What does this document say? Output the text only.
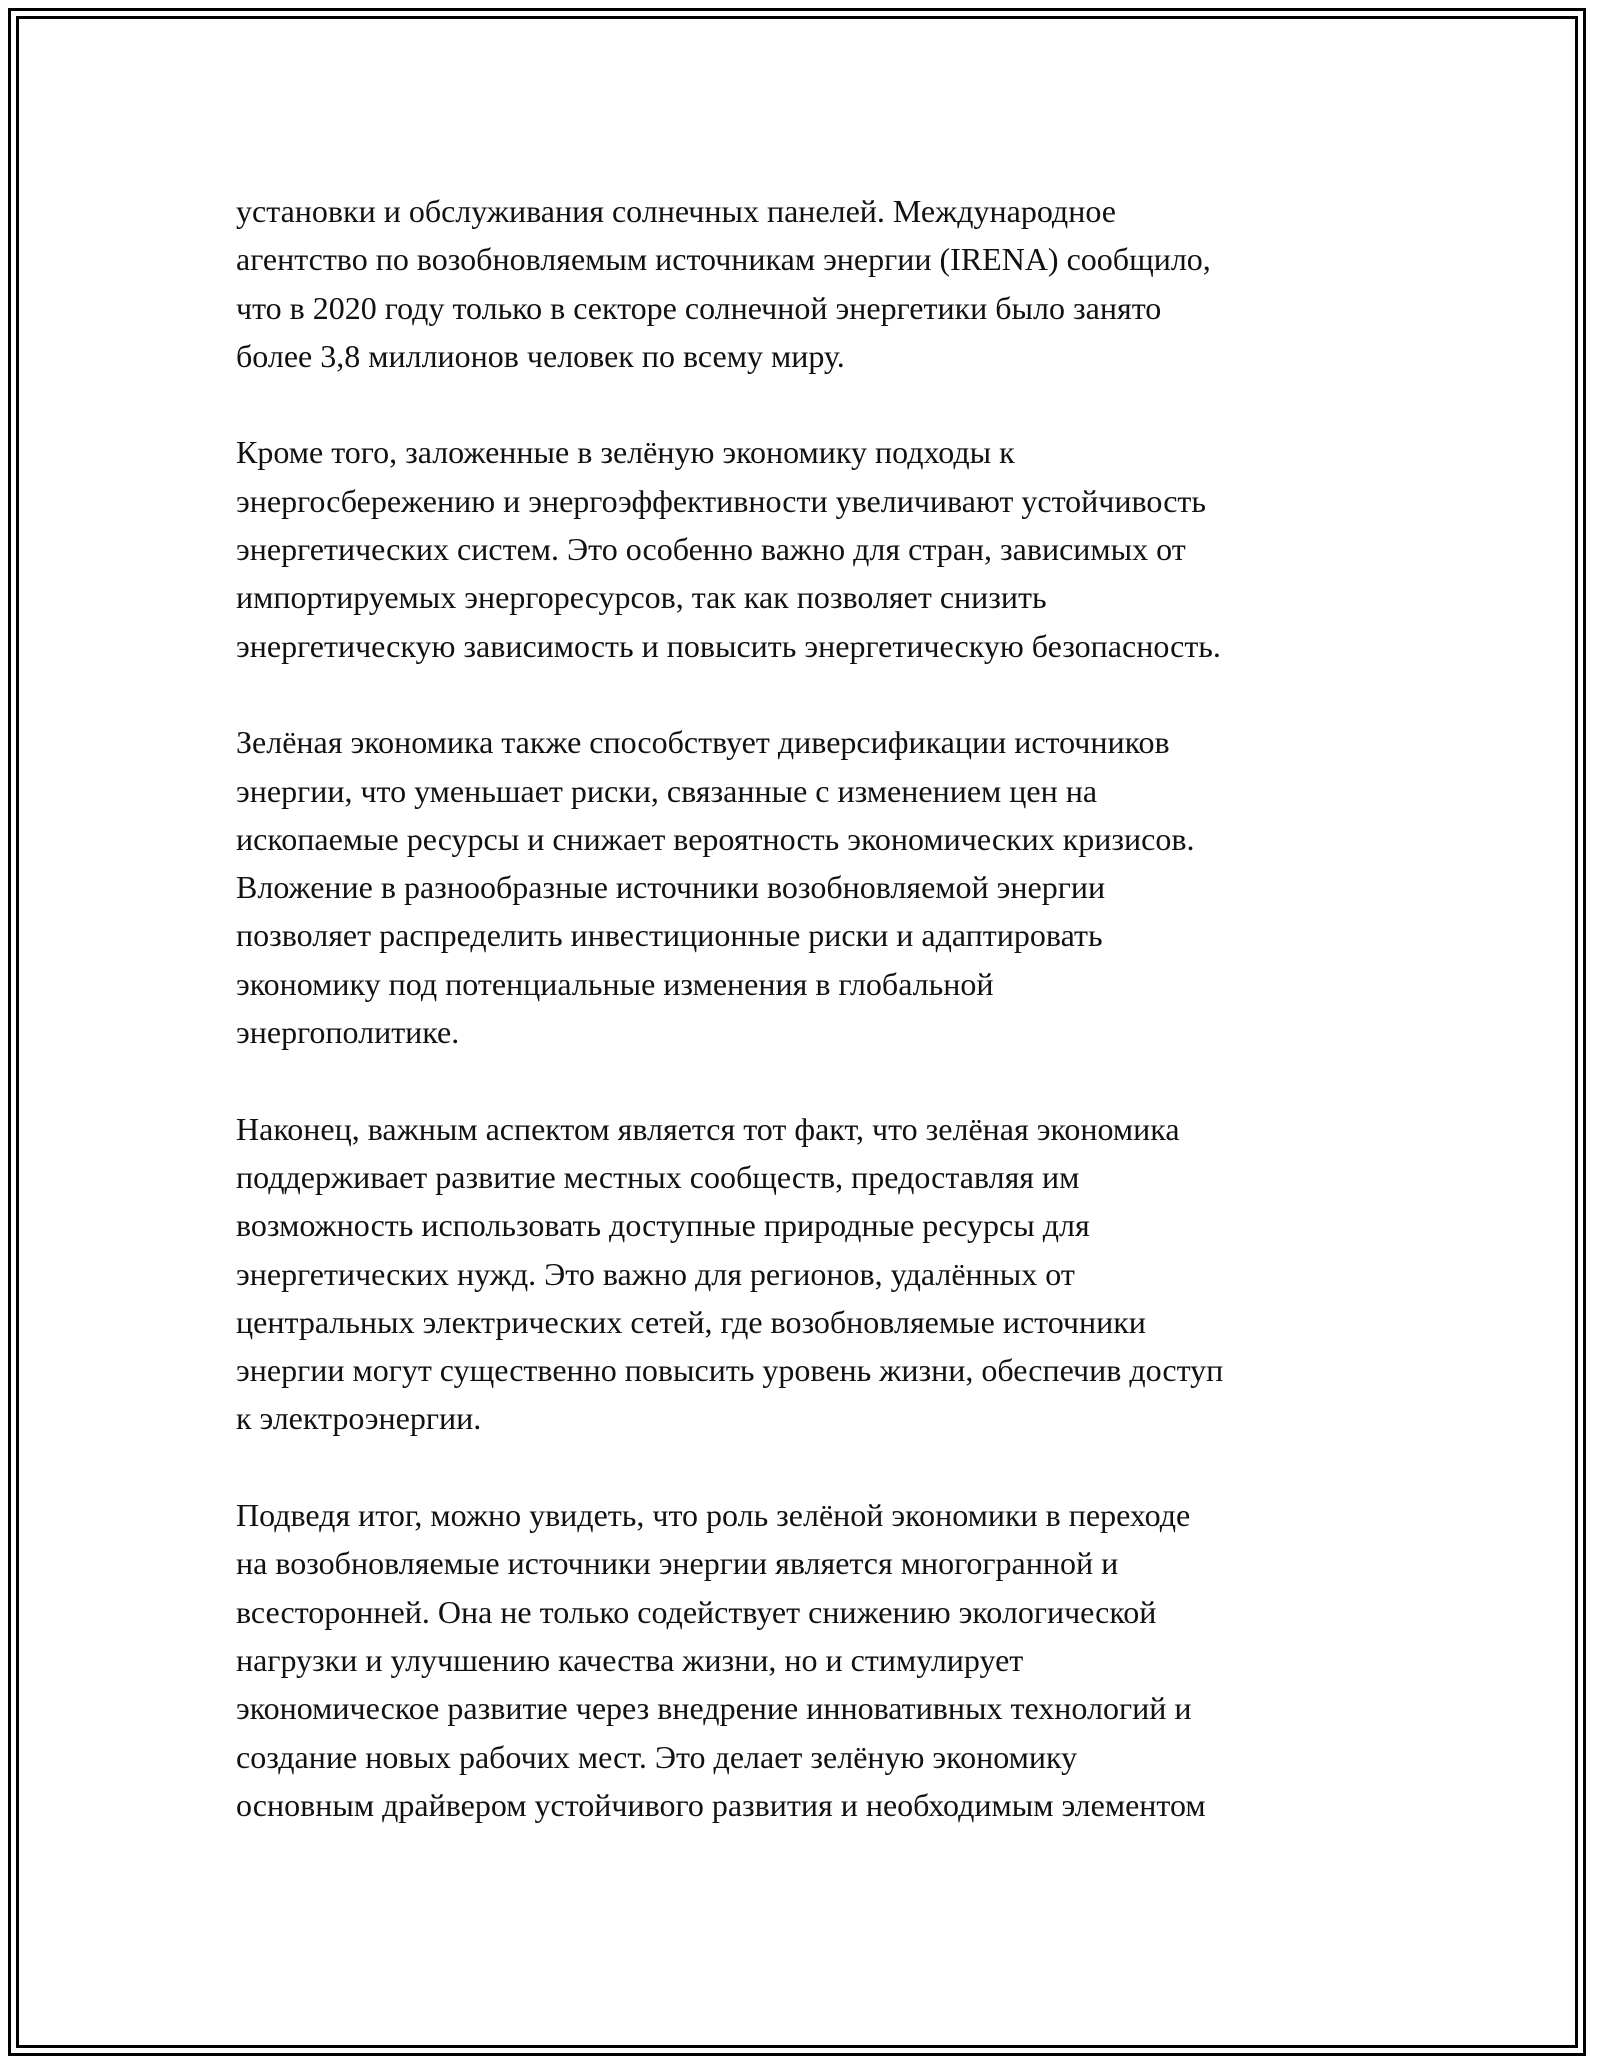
установки и обслуживания солнечных панелей. Международное
агентство по возобновляемым источникам энергии (IRENA) сообщило,
что в 2020 году только в секторе солнечной энергетики было занято
более 3,8 миллионов человек по всему миру.

Кроме того, заложенные в зелёную экономику подходы к
энергосбережению и энергоэффективности увеличивают устойчивость
энергетических систем. Это особенно важно для стран, зависимых от
импортируемых энергоресурсов, так как позволяет снизить
энергетическую зависимость и повысить энергетическую безопасность.

Зелёная экономика также способствует диверсификации источников
энергии, что уменьшает риски, связанные с изменением цен на
ископаемые ресурсы и снижает вероятность экономических кризисов.
Вложение в разнообразные источники возобновляемой энергии
позволяет распределить инвестиционные риски и адаптировать
экономику под потенциальные изменения в глобальной
энергополитике.

Наконец, важным аспектом является тот факт, что зелёная экономика
поддерживает развитие местных сообществ, предоставляя им
возможность использовать доступные природные ресурсы для
энергетических нужд. Это важно для регионов, удалённых от
центральных электрических сетей, где возобновляемые источники
энергии могут существенно повысить уровень жизни, обеспечив доступ
к электроэнергии.

Подведя итог, можно увидеть, что роль зелёной экономики в переходе
на возобновляемые источники энергии является многогранной и
всесторонней. Она не только содействует снижению экологической
нагрузки и улучшению качества жизни, но и стимулирует
экономическое развитие через внедрение инновативных технологий и
создание новых рабочих мест. Это делает зелёную экономику
основным драйвером устойчивого развития и необходимым элементом
